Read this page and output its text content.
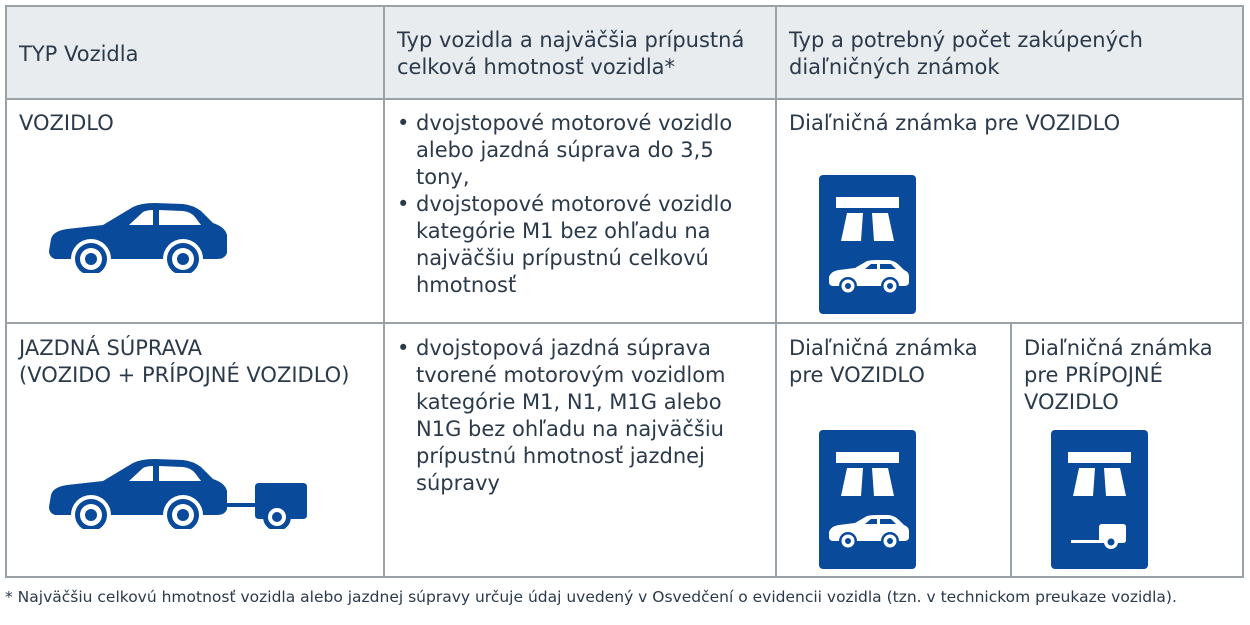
TYP Vozidla
Typ vozidla a najväčšia prípustná
celková hmotnosť vozidla*
Typ a potrebný počet zakúpených
diaľničných známok
VOZIDLO
•	dvojstopové motorové vozidlo
alebo jazdná súprava do 3,5
tony,
• dvojstopové motorové vozidlo
kategórie M1 bez ohľadu na
najväčšiu prípustnú celkovú
hmotnosť
Diaľničná známka pre VOZIDLO
JAZDNÁ SÚPRAVA
(VOZIDO + PRÍPOJNÉ VOZIDLO)
• dvojstopová jazdná súprava
tvorené motorovým vozidlom
kategórie M1, N1, M1G alebo
N1G bez ohľadu na najväčšiu
prípustnú hmotnosť jazdnej
súpravy
Diaľničná známka
pre VOZIDLO
Diaľničná známka
pre PRÍPOJNÉ
VOZIDLO
* Najväčšiu celkovú hmotnosť vozidla alebo jazdnej súpravy určuje údaj uvedený v Osvedčení o evidencii vozidla (tzn. v technickom preukaze vozidla).
